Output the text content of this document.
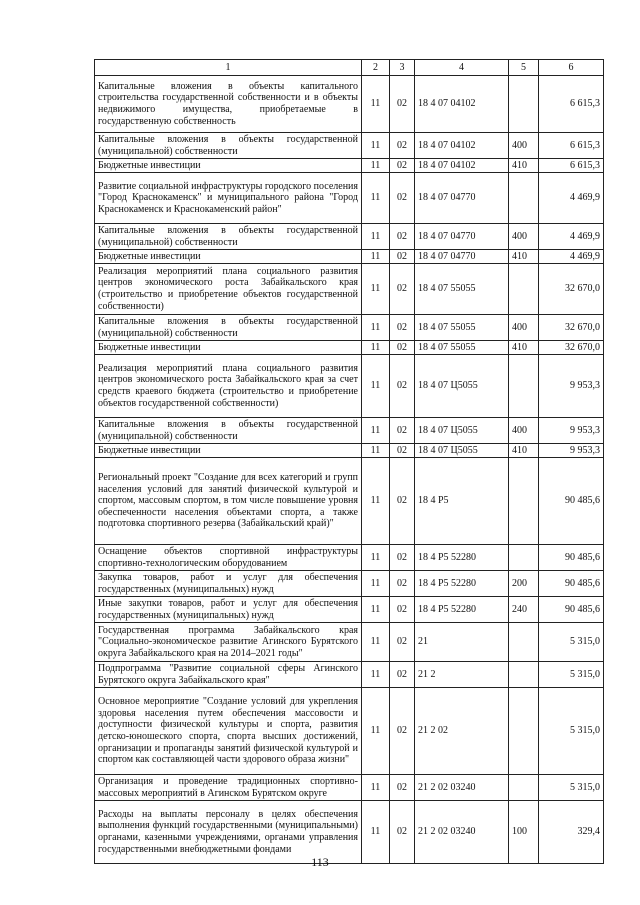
1	2	3	4	5	6
Капитальные вложения в объекты капитального строительства государственной собственности и в объекты недвижимого имущества, приобретаемые в государственную собственность	11	02	18 4 07 04102		6 615,3
Капитальные вложения в объекты государственной (муниципальной) собственности	11	02	18 4 07 04102	400	6 615,3
Бюджетные инвестиции	11	02	18 4 07 04102	410	6 615,3
Развитие социальной инфраструктуры городского поселения "Город Краснокаменск" и муниципального района "Город Краснокаменск и Краснокаменский район"	11	02	18 4 07 04770		4 469,9
Капитальные вложения в объекты государственной (муниципальной) собственности	11	02	18 4 07 04770	400	4 469,9
Бюджетные инвестиции	11	02	18 4 07 04770	410	4 469,9
Реализация мероприятий плана социального развития центров экономического роста Забайкальского края (строительство и приобретение объектов государственной собственности)	11	02	18 4 07 55055		32 670,0
Капитальные вложения в объекты государственной (муниципальной) собственности	11	02	18 4 07 55055	400	32 670,0
Бюджетные инвестиции	11	02	18 4 07 55055	410	32 670,0
Реализация мероприятий плана социального развития центров экономического роста Забайкальского края за счет средств краевого бюджета (строительство и приобретение объектов государственной собственности)	11	02	18 4 07 Ц5055		9 953,3
Капитальные вложения в объекты государственной (муниципальной) собственности	11	02	18 4 07 Ц5055	400	9 953,3
Бюджетные инвестиции	11	02	18 4 07 Ц5055	410	9 953,3
Региональный проект "Создание для всех категорий и групп населения условий для занятий физической культурой и спортом, массовым спортом, в том числе повышение уровня обеспеченности населения объектами спорта, а также подготовка спортивного резерва (Забайкальский край)"	11	02	18 4 P5		90 485,6
Оснащение объектов спортивной инфраструктуры спортивно-технологическим оборудованием	11	02	18 4 P5 52280		90 485,6
Закупка товаров, работ и услуг для обеспечения государственных (муниципальных) нужд	11	02	18 4 P5 52280	200	90 485,6
Иные закупки товаров, работ и услуг для обеспечения государственных (муниципальных) нужд	11	02	18 4 P5 52280	240	90 485,6
Государственная программа Забайкальского края "Социально-экономическое развитие Агинского Бурятского округа Забайкальского края на 2014–2021 годы"	11	02	21		5 315,0
Подпрограмма "Развитие социальной сферы Агинского Бурятского округа Забайкальского края"	11	02	21 2		5 315,0
Основное мероприятие "Создание условий для укрепления здоровья населения путем обеспечения массовости и доступности физической культуры и спорта, развития детско-юношеского спорта, спорта высших достижений, организации и пропаганды занятий физической культурой и спортом как составляющей части здорового образа жизни"	11	02	21 2 02		5 315,0
Организация и проведение традиционных спортивно-массовых мероприятий в Агинском Бурятском округе	11	02	21 2 02 03240		5 315,0
Расходы на выплаты персоналу в целях обеспечения выполнения функций государственными (муниципальными) органами, казенными учреждениями, органами управления государственными внебюджетными фондами	11	02	21 2 02 03240	100	329,4
113
